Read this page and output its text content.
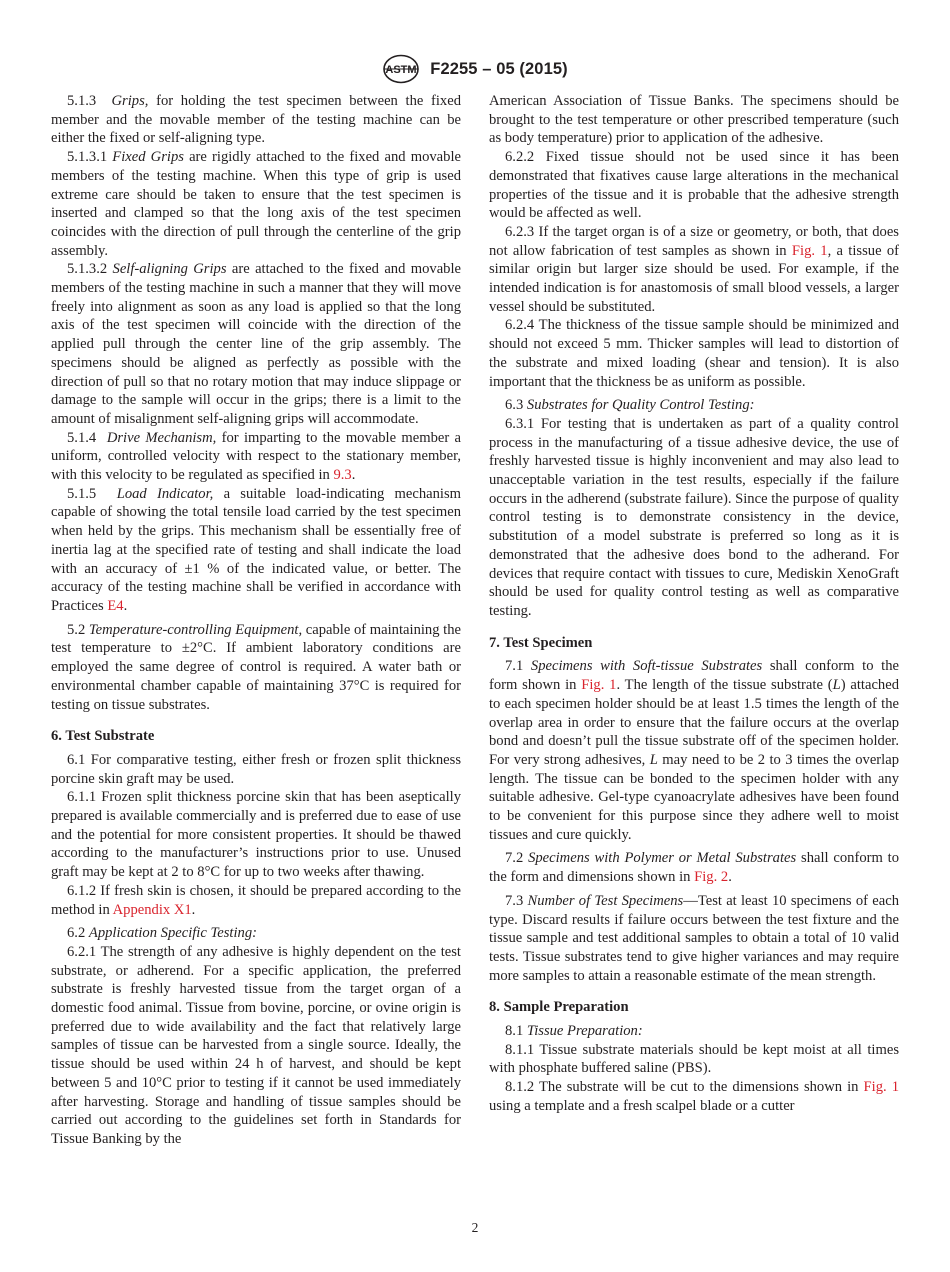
ASTM F2255 – 05 (2015)

5.1.3 Grips, for holding the test specimen between the fixed member and the movable member of the testing machine can be either the fixed or self-aligning type.

5.1.3.1 Fixed Grips are rigidly attached to the fixed and movable members of the testing machine. When this type of grip is used extreme care should be taken to ensure that the test specimen is inserted and clamped so that the long axis of the test specimen coincides with the direction of pull through the centerline of the grip assembly.

5.1.3.2 Self-aligning Grips are attached to the fixed and movable members of the testing machine in such a manner that they will move freely into alignment as soon as any load is applied so that the long axis of the test specimen will coincide with the direction of the applied pull through the center line of the grip assembly. The specimens should be aligned as perfectly as possible with the direction of pull so that no rotary motion that may induce slippage or damage to the sample will occur in the grips; there is a limit to the amount of misalignment self-aligning grips will accommodate.

5.1.4 Drive Mechanism, for imparting to the movable member a uniform, controlled velocity with respect to the stationary member, with this velocity to be regulated as specified in 9.3.

5.1.5 Load Indicator, a suitable load-indicating mechanism capable of showing the total tensile load carried by the test specimen when held by the grips. This mechanism shall be essentially free of inertia lag at the specified rate of testing and shall indicate the load with an accuracy of ±1 % of the indicated value, or better. The accuracy of the testing machine shall be verified in accordance with Practices E4.

5.2 Temperature-controlling Equipment, capable of maintaining the test temperature to ±2°C. If ambient laboratory conditions are employed the same degree of control is required. A water bath or environmental chamber capable of maintaining 37°C is required for testing on tissue substrates.

6. Test Substrate

6.1 For comparative testing, either fresh or frozen split thickness porcine skin graft may be used.

6.1.1 Frozen split thickness porcine skin that has been aseptically prepared is available commercially and is preferred due to ease of use and the potential for more consistent properties. It should be thawed according to the manufacturer’s instructions prior to use. Unused graft may be kept at 2 to 8°C for up to two weeks after thawing.

6.1.2 If fresh skin is chosen, it should be prepared according to the method in Appendix X1.

6.2 Application Specific Testing:

6.2.1 The strength of any adhesive is highly dependent on the test substrate, or adherend. For a specific application, the preferred substrate is freshly harvested tissue from the target organ of a domestic food animal. Tissue from bovine, porcine, or ovine origin is preferred due to wide availability and the fact that relatively large samples of tissue can be harvested from a single source. Ideally, the tissue should be used within 24 h of harvest, and should be kept between 5 and 10°C prior to testing if it cannot be used immediately after harvesting. Storage and handling of tissue samples should be carried out according to the guidelines set forth in Standards for Tissue Banking by the

American Association of Tissue Banks. The specimens should be brought to the test temperature or other prescribed temperature (such as body temperature) prior to application of the adhesive.

6.2.2 Fixed tissue should not be used since it has been demonstrated that fixatives cause large alterations in the mechanical properties of the tissue and it is probable that the adhesive strength would be affected as well.

6.2.3 If the target organ is of a size or geometry, or both, that does not allow fabrication of test samples as shown in Fig. 1, a tissue of similar origin but larger size should be used. For example, if the intended indication is for anastomosis of small blood vessels, a larger vessel should be substituted.

6.2.4 The thickness of the tissue sample should be minimized and should not exceed 5 mm. Thicker samples will lead to distortion of the substrate and mixed loading (shear and tension). It is also important that the thickness be as uniform as possible.

6.3 Substrates for Quality Control Testing:

6.3.1 For testing that is undertaken as part of a quality control process in the manufacturing of a tissue adhesive device, the use of freshly harvested tissue is highly inconvenient and may also lead to unacceptable variation in the test results, especially if the failure occurs in the adherend (substrate failure). Since the purpose of quality control testing is to demonstrate consistency in the device, substitution of a model substrate is preferred so long as it is demonstrated that the adhesive does bond to the adherand. For devices that require contact with tissues to cure, Mediskin XenoGraft should be used for quality control testing as well as comparative testing.

7. Test Specimen

7.1 Specimens with Soft-tissue Substrates shall conform to the form shown in Fig. 1. The length of the tissue substrate (L) attached to each specimen holder should be at least 1.5 times the length of the overlap area in order to ensure that the failure occurs at the overlap bond and doesn’t pull the tissue substrate off of the specimen holder. For very strong adhesives, L may need to be 2 to 3 times the overlap length. The tissue can be bonded to the specimen holder with any suitable adhesive. Gel-type cyanoacrylate adhesives have been found to be convenient for this purpose since they adhere well to moist tissues and cure quickly.

7.2 Specimens with Polymer or Metal Substrates shall conform to the form and dimensions shown in Fig. 2.

7.3 Number of Test Specimens—Test at least 10 specimens of each type. Discard results if failure occurs between the test fixture and the tissue sample and test additional samples to obtain a total of 10 valid tests. Tissue substrates tend to give higher variances and may require more samples to attain a reasonable estimate of the mean strength.

8. Sample Preparation

8.1 Tissue Preparation:

8.1.1 Tissue substrate materials should be kept moist at all times with phosphate buffered saline (PBS).

8.1.2 The substrate will be cut to the dimensions shown in Fig. 1 using a template and a fresh scalpel blade or a cutter

2
